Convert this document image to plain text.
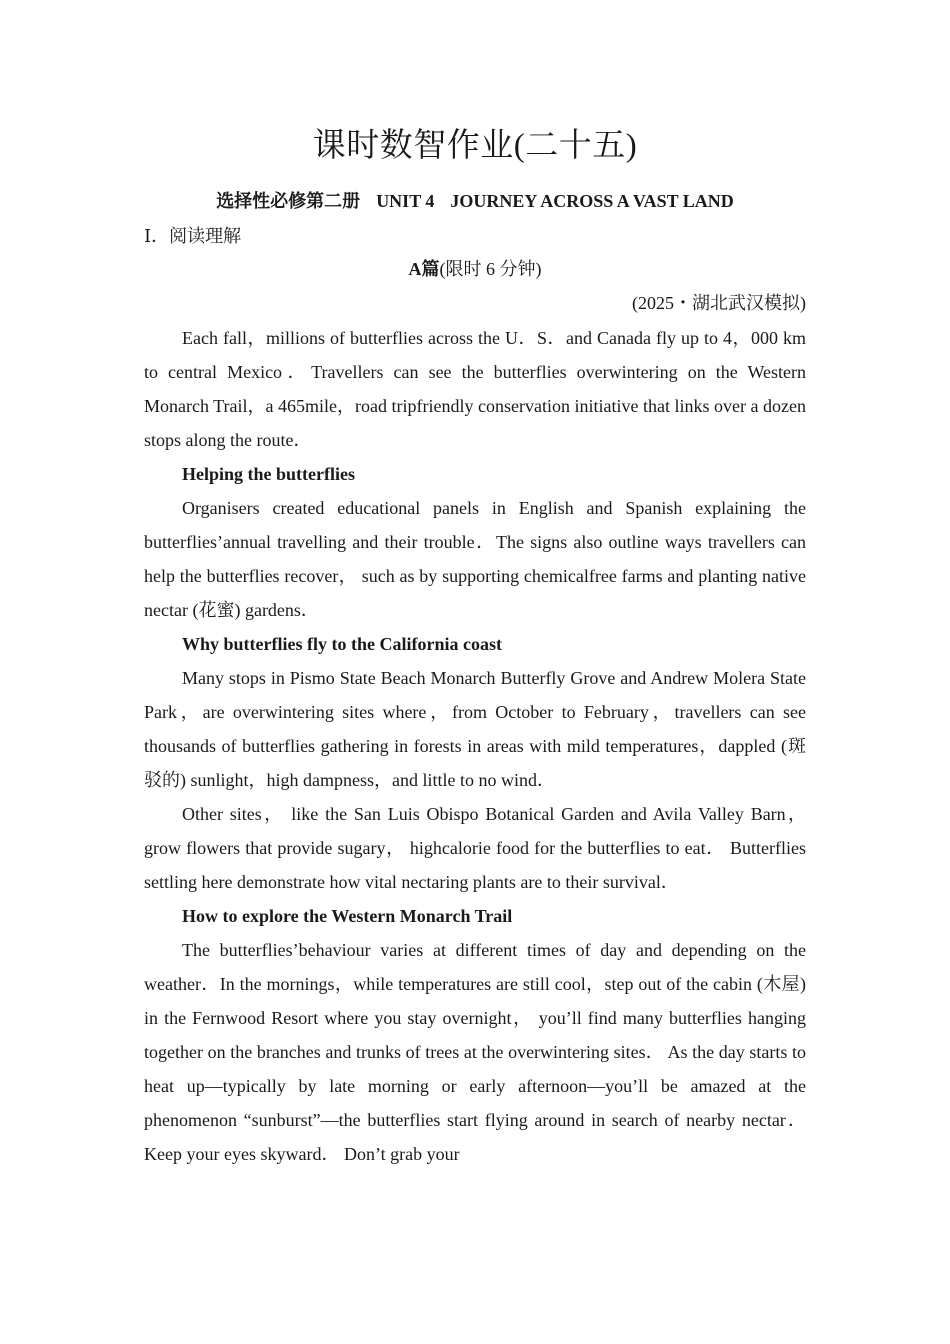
课时数智作业(二十五)

选择性必修第二册 UNIT 4 JOURNEY ACROSS A VAST LAND

Ⅰ．阅读理解

A篇(限时 6 分钟)

(2025・湖北武汉模拟)

Each fall，millions of butterflies across the U．S．and Canada fly up to 4，000 km to central Mexico．Travellers can see the butterflies overwintering on the Western Monarch Trail，a 465mile，road tripfriendly conservation initiative that links over a dozen stops along the route．

Helping the butterflies

Organisers created educational panels in English and Spanish explaining the butterflies’annual travelling and their trouble．The signs also outline ways travellers can help the butterflies recover， such as by supporting chemicalfree farms and planting native nectar (花蜜) gardens．

Why butterflies fly to the California coast

Many stops in Pismo State Beach Monarch Butterfly Grove and Andrew Molera State Park，are overwintering sites where，from October to February，travellers can see thousands of butterflies gathering in forests in areas with mild temperatures，dappled (斑驳的) sunlight，high dampness，and little to no wind．

Other sites， like the San Luis Obispo Botanical Garden and Avila Valley Barn， grow flowers that provide sugary， highcalorie food for the butterflies to eat． Butterflies settling here demonstrate how vital nectaring plants are to their survival．

How to explore the Western Monarch Trail

The butterflies’behaviour varies at different times of day and depending on the weather．In the mornings，while temperatures are still cool，step out of the cabin (木屋) in the Fernwood Resort where you stay overnight， you’ll find many butterflies hanging together on the branches and trunks of trees at the overwintering sites． As the day starts to heat up—typically by late morning or early afternoon—you’ll be amazed at the phenomenon “sunburst”—the butterflies start flying around in search of nearby nectar． Keep your eyes skyward． Don’t grab your
